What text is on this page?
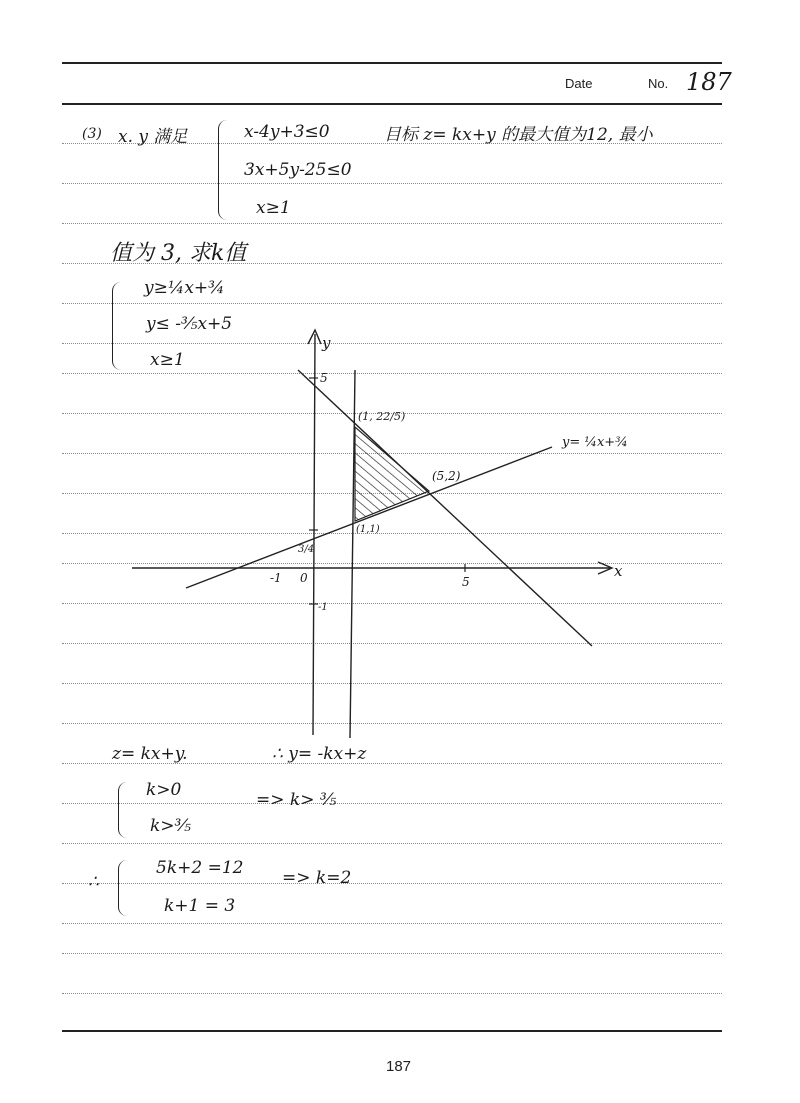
Date	No. 187
(3) x. y 满足	x-4y+3≤0	目标 z= kx+y 的最大值为12, 最小
3x+5y-25≤0
x≥1
值为 3, 求k值
y≥¼x+¾
y≤ -⅗x+5
x≥1
y
5
(1, 22/5)
(5,2)
(1,1)
y= ¼x+¾
-1 0	5
3/4
-1
x
z= kx+y.	∴ y= -kx+z
k>0	=> k> ⅗
k>⅗
∴
5k+2 =12 => k=2
k+1 = 3
187
